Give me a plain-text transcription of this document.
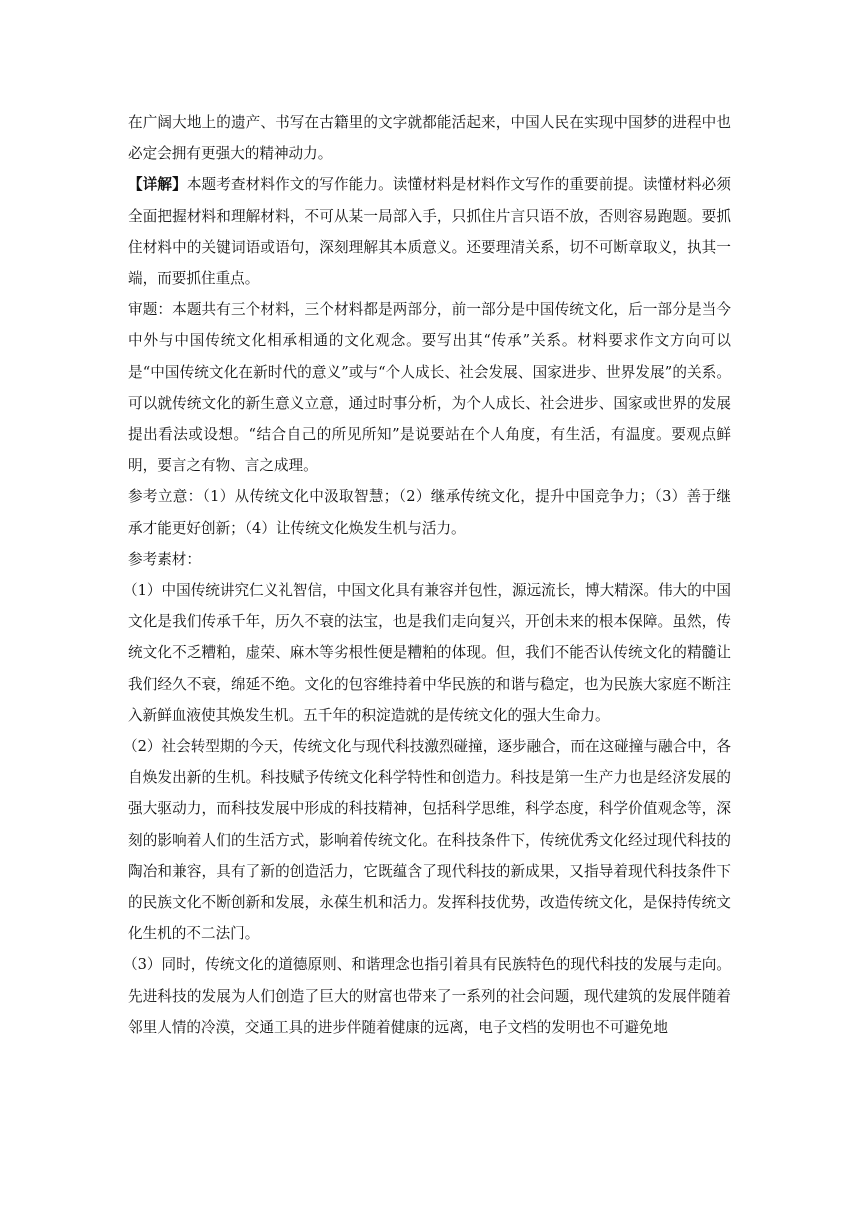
在广阔大地上的遗产、书写在古籍里的文字就都能活起来，中国人民在实现中国梦的进程中也必定会拥有更强大的精神动力。

【详解】本题考查材料作文的写作能力。读懂材料是材料作文写作的重要前提。读懂材料必须全面把握材料和理解材料，不可从某一局部入手，只抓住片言只语不放，否则容易跑题。要抓住材料中的关键词语或语句，深刻理解其本质意义。还要理清关系，切不可断章取义，执其一端，而要抓住重点。

审题：本题共有三个材料，三个材料都是两部分，前一部分是中国传统文化，后一部分是当今中外与中国传统文化相承相通的文化观念。要写出其“传承”关系。材料要求作文方向可以是“中国传统文化在新时代的意义”或与“个人成长、社会发展、国家进步、世界发展”的关系。可以就传统文化的新生意义立意，通过时事分析，为个人成长、社会进步、国家或世界的发展提出看法或设想。“结合自己的所见所知”是说要站在个人角度，有生活，有温度。要观点鲜明，要言之有物、言之成理。

参考立意：（1）从传统文化中汲取智慧；（2）继承传统文化，提升中国竞争力；（3）善于继承才能更好创新；（4）让传统文化焕发生机与活力。

参考素材：

（1）中国传统讲究仁义礼智信，中国文化具有兼容并包性，源远流长，博大精深。伟大的中国文化是我们传承千年，历久不衰的法宝，也是我们走向复兴，开创未来的根本保障。虽然，传统文化不乏糟粕，虚荣、麻木等劣根性便是糟粕的体现。但，我们不能否认传统文化的精髓让我们经久不衰，绵延不绝。文化的包容维持着中华民族的和谐与稳定，也为民族大家庭不断注入新鲜血液使其焕发生机。五千年的积淀造就的是传统文化的强大生命力。

（2）社会转型期的今天，传统文化与现代科技激烈碰撞，逐步融合，而在这碰撞与融合中，各自焕发出新的生机。科技赋予传统文化科学特性和创造力。科技是第一生产力也是经济发展的强大驱动力，而科技发展中形成的科技精神，包括科学思维，科学态度，科学价值观念等，深刻的影响着人们的生活方式，影响着传统文化。在科技条件下，传统优秀文化经过现代科技的陶冶和兼容，具有了新的创造活力，它既蕴含了现代科技的新成果，又指导着现代科技条件下的民族文化不断创新和发展，永葆生机和活力。发挥科技优势，改造传统文化，是保持传统文化生机的不二法门。

（3）同时，传统文化的道德原则、和谐理念也指引着具有民族特色的现代科技的发展与走向。先进科技的发展为人们创造了巨大的财富也带来了一系列的社会问题，现代建筑的发展伴随着邻里人情的冷漠，交通工具的进步伴随着健康的远离，电子文档的发明也不可避免地
